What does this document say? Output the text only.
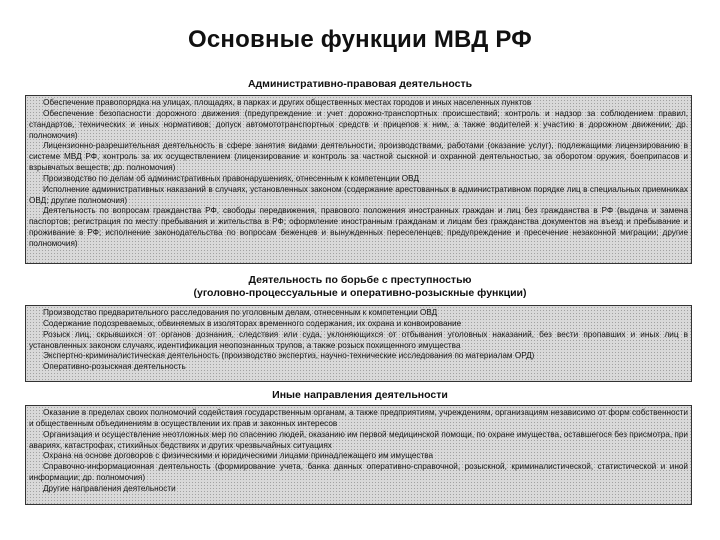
Основные функции МВД РФ
Административно-правовая деятельность

Обеспечение правопорядка на улицах, площадях, в парках и других общественных местах городов и иных населенных пунктов

Обеспечение безопасности дорожного движения (предупреждение и учет дорожно-транспортных происшествий; контроль и надзор за соблюдением правил, стандартов, технических и иных нормативов; допуск автомототранспортных средств и прицепов к ним, а также водителей к участию в дорожном движении; др. полномочия)

Лицензионно-разрешительная деятельность в сфере занятия видами деятельности, производствами, работами (оказание услуг), подлежащими лицензированию в системе МВД РФ, контроль за их осуществлением (лицензирование и контроль за частной сыскной и охранной деятельностью, за оборотом оружия, боеприпасов и взрывчатых веществ; др. полномочия)

Производство по делам об административных правонарушениях, отнесенным к компетенции ОВД

Исполнение административных наказаний в случаях, установленных законом (содержание арестованных в административном порядке лиц в специальных приемниках ОВД; другие полномочия)

Деятельность по вопросам гражданства РФ, свободы передвижения, правового положения иностранных граждан и лиц без гражданства в РФ (выдача и замена паспортов; регистрация по месту пребывания и жительства в РФ; оформление иностранным гражданам и лицам без гражданства документов на въезд и пребывание и проживание в РФ; исполнение законодательства по вопросам беженцев и вынужденных переселенцев; предупреждение и пресечение незаконной миграции; другие полномочия)

Деятельность по борьбе с преступностью
(уголовно-процессуальные и оперативно-розыскные функции)

Производство предварительного расследования по уголовным делам, отнесенным к компетенции ОВД

Содержание подозреваемых, обвиняемых в изоляторах временного содержания, их охрана и конвоирование

Розыск лиц, скрывшихся от органов дознания, следствия или суда, уклоняющихся от отбывания уголовных наказаний, без вести пропавших и иных лиц в установленных законом случаях, идентификация неопознанных трупов, а также розыск похищенного имущества

Экспертно-криминалистическая деятельность (производство экспертиз, научно-технические исследования по материалам ОРД)

Оперативно-розыскная деятельность

Иные направления деятельности

Оказание в пределах своих полномочий содействия государственным органам, а также предприятиям, учреждениям, организациям независимо от форм собственности и общественным объединениям в осуществлении их прав и законных интересов

Организация и осуществление неотложных мер по спасению людей, оказанию им первой медицинской помощи, по охране имущества, оставшегося без присмотра, при авариях, катастрофах, стихийных бедствиях и других чрезвычайных ситуациях

Охрана на основе договоров с физическими и юридическими лицами принадлежащего им имущества

Справочно-информационная деятельность (формирование учета, банка данных оперативно-справочной, розыскной, криминалистической, статистической и иной информации; др. полномочия)

Другие направления деятельности
